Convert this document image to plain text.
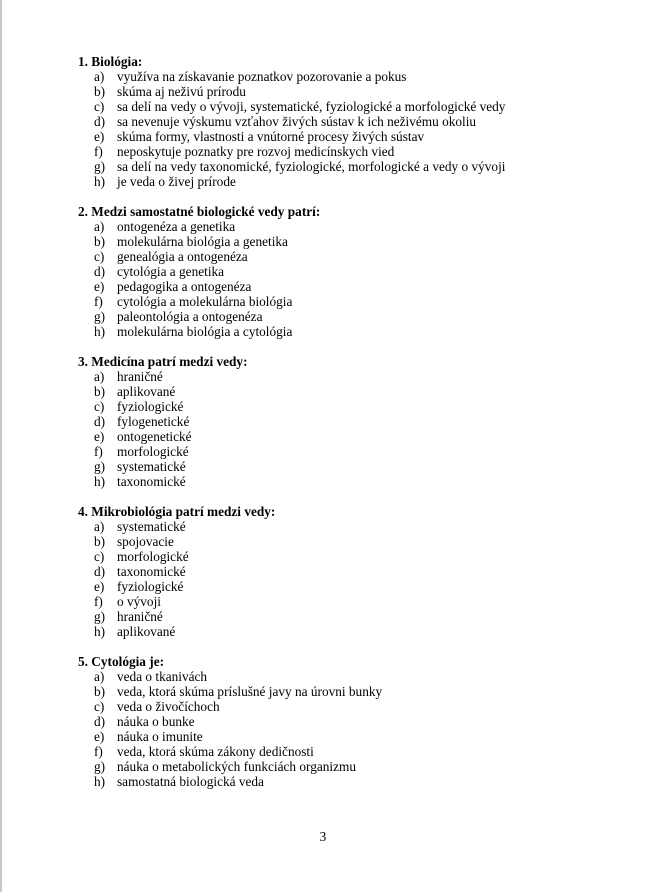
1. Biológia:
a) využíva na získavanie poznatkov pozorovanie a pokus
b) skúma aj neživú prírodu
c) sa delí na vedy o vývoji, systematické, fyziologické a morfologické vedy
d) sa nevenuje výskumu vzťahov živých sústav k ich neživému okoliu
e) skúma formy, vlastnosti a vnútorné procesy živých sústav
f) neposkytuje poznatky pre rozvoj medicínskych vied
g) sa delí na vedy taxonomické, fyziologické, morfologické a vedy o vývoji
h) je veda o živej prírode
2. Medzi samostatné biologické vedy patrí:
a) ontogenéza a genetika
b) molekulárna biológia a genetika
c) genealógia a ontogenéza
d) cytológia a genetika
e) pedagogika a ontogenéza
f) cytológia a molekulárna biológia
g) paleontológia a ontogenéza
h) molekulárna biológia a cytológia
3. Medicína patrí medzi vedy:
a) hraničné
b) aplikované
c) fyziologické
d) fylogenetické
e) ontogenetické
f) morfologické
g) systematické
h) taxonomické
4. Mikrobiológia patrí medzi vedy:
a) systematické
b) spojovacie
c) morfologické
d) taxonomické
e) fyziologické
f) o vývoji
g) hraničné
h) aplikované
5. Cytológia je:
a) veda o tkanivách
b) veda, ktorá skúma príslušné javy na úrovni bunky
c) veda o živočíchoch
d) náuka o bunke
e) náuka o imunite
f) veda, ktorá skúma zákony dedičnosti
g) náuka o metabolických funkciách organizmu
h) samostatná biologická veda
3
